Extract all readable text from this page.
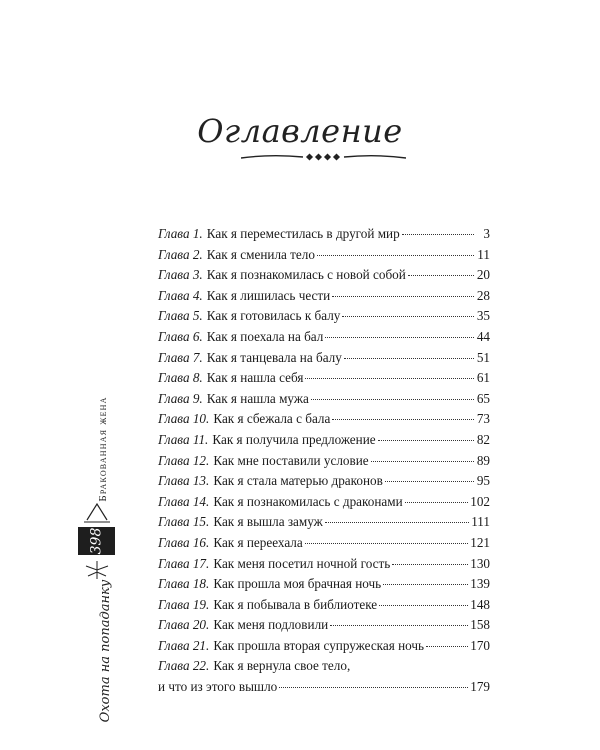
Оглавление
Бракованная жена
398
Охота на попаданку
Глава 1. Как я переместилась в другой мир	3
Глава 2. Как я сменила тело	11
Глава 3. Как я познакомилась с новой собой	20
Глава 4. Как я лишилась чести	28
Глава 5. Как я готовилась к балу	35
Глава 6. Как я поехала на бал	44
Глава 7. Как я танцевала на балу	51
Глава 8. Как я нашла себя	61
Глава 9. Как я нашла мужа	65
Глава 10. Как я сбежала с бала	73
Глава 11. Как я получила предложение	82
Глава 12. Как мне поставили условие	89
Глава 13. Как я стала матерью драконов	95
Глава 14. Как я познакомилась с драконами	102
Глава 15. Как я вышла замуж	111
Глава 16. Как я переехала	121
Глава 17. Как меня посетил ночной гость	130
Глава 18. Как прошла моя брачная ночь	139
Глава 19. Как я побывала в библиотеке	148
Глава 20. Как меня подловили	158
Глава 21. Как прошла вторая супружеская ночь	170
Глава 22. Как я вернула свое тело,
и что из этого вышло	179
